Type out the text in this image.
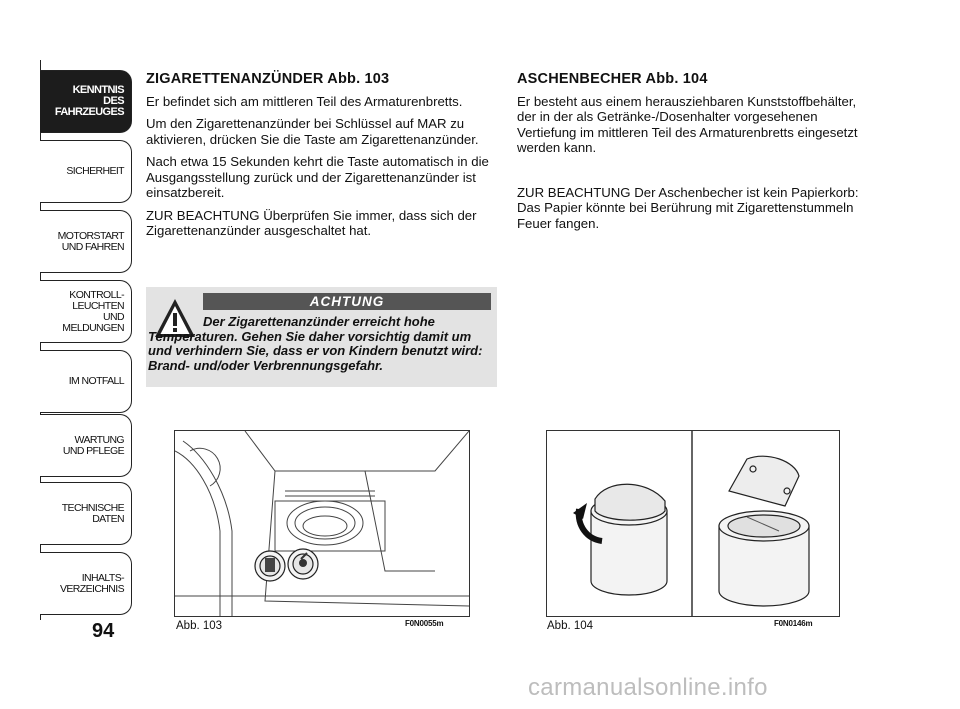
KENNTNIS
DES FAHRZEUGES
SICHERHEIT
MOTORSTART
UND FAHREN
KONTROLL-
LEUCHTEN
UND MELDUNGEN
IM NOTFALL
WARTUNG
UND PFLEGE
TECHNISCHE
DATEN
INHALTS-
VERZEICHNIS
94
ZIGARETTENANZÜNDER Abb. 103

Er befindet sich am mittleren Teil des Armaturenbretts.

Um den Zigarettenanzünder bei Schlüssel auf MAR zu aktivieren, drücken Sie die Taste am Zigarettenanzünder.

Nach etwa 15 Sekunden kehrt die Taste automatisch in die Ausgangsstellung zurück und der Zigarettenanzünder ist einsatzbereit.

ZUR BEACHTUNG Überprüfen Sie immer, dass sich der Zigarettenanzünder ausgeschaltet hat.

ACHTUNG
Der Zigarettenanzünder erreicht hohe Temperaturen. Gehen Sie daher vorsichtig damit um und verhindern Sie, dass er von Kindern benutzt wird: Brand- und/oder Verbrennungsgefahr.
ASCHENBECHER Abb. 104

Er besteht aus einem herausziehbaren Kunststoffbehälter, der in der als Getränke-/Dosenhalter vorgesehenen Vertiefung im mittleren Teil des Armaturenbretts eingesetzt werden kann.

ZUR BEACHTUNG Der Aschenbecher ist kein Papierkorb: Das Papier könnte bei Berührung mit Zigarettenstummeln Feuer fangen.

Abb. 103	F0N0055m	Abb. 104	F0N0146m
carmanualsonline.info
